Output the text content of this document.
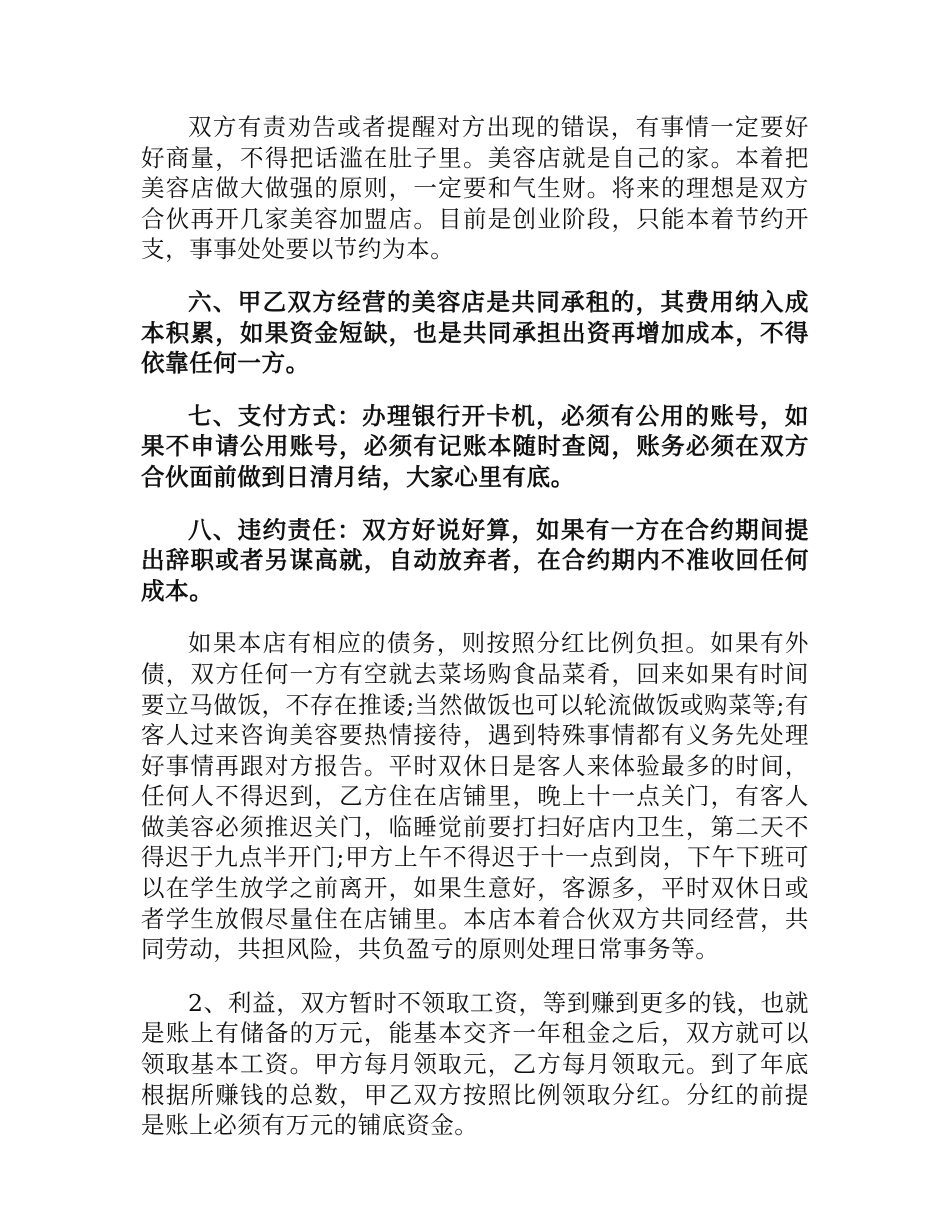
双方有责劝告或者提醒对方出现的错误，有事情一定要好好商量，不得把话滥在肚子里。美容店就是自己的家。本着把美容店做大做强的原则，一定要和气生财。将来的理想是双方合伙再开几家美容加盟店。目前是创业阶段，只能本着节约开支，事事处处要以节约为本。

六、甲乙双方经营的美容店是共同承租的，其费用纳入成本积累，如果资金短缺，也是共同承担出资再增加成本，不得依靠任何一方。

七、支付方式：办理银行开卡机，必须有公用的账号，如果不申请公用账号，必须有记账本随时查阅，账务必须在双方合伙面前做到日清月结，大家心里有底。

八、违约责任：双方好说好算，如果有一方在合约期间提出辞职或者另谋高就，自动放弃者，在合约期内不准收回任何成本。

如果本店有相应的债务，则按照分红比例负担。如果有外债，双方任何一方有空就去菜场购食品菜肴，回来如果有时间要立马做饭，不存在推诿;当然做饭也可以轮流做饭或购菜等;有客人过来咨询美容要热情接待，遇到特殊事情都有义务先处理好事情再跟对方报告。平时双休日是客人来体验最多的时间，任何人不得迟到，乙方住在店铺里，晚上十一点关门，有客人做美容必须推迟关门，临睡觉前要打扫好店内卫生，第二天不得迟于九点半开门;甲方上午不得迟于十一点到岗，下午下班可以在学生放学之前离开，如果生意好，客源多，平时双休日或者学生放假尽量住在店铺里。本店本着合伙双方共同经营，共同劳动，共担风险，共负盈亏的原则处理日常事务等。

2、利益，双方暂时不领取工资，等到赚到更多的钱，也就是账上有储备的万元，能基本交齐一年租金之后，双方就可以领取基本工资。甲方每月领取元，乙方每月领取元。到了年底根据所赚钱的总数，甲乙双方按照比例领取分红。分红的前提是账上必须有万元的铺底资金。
